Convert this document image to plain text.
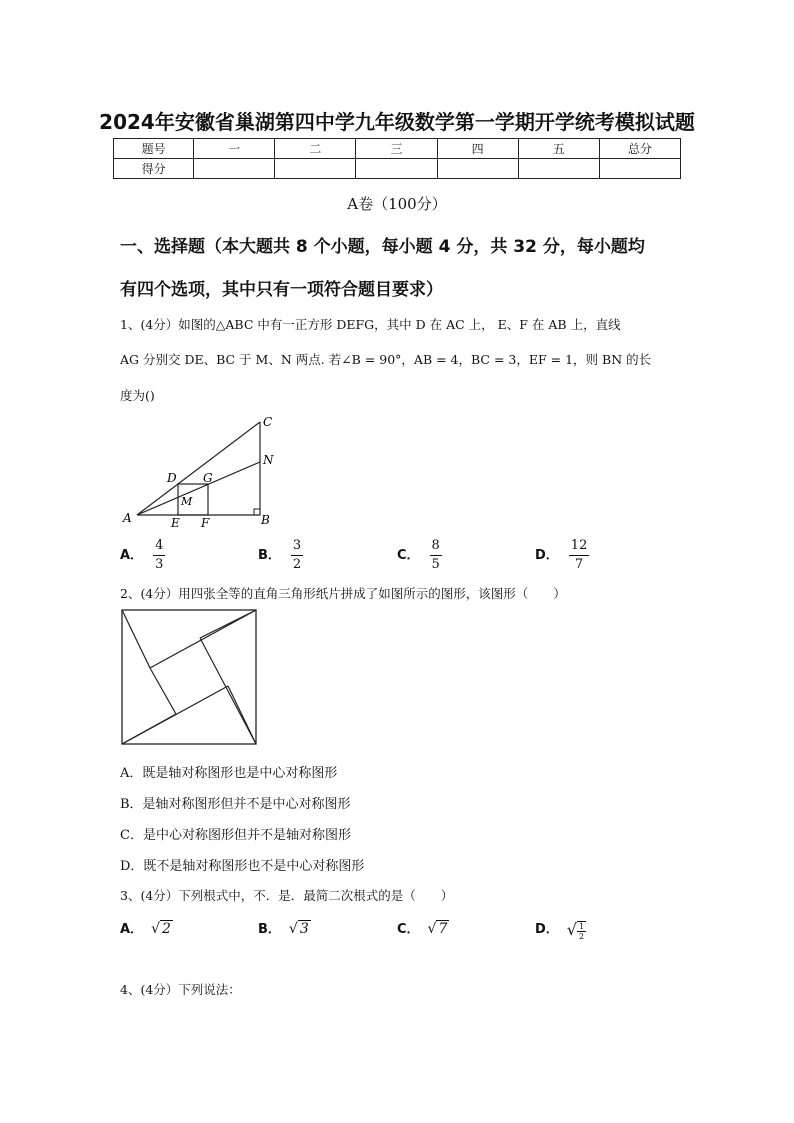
2024年安徽省巢湖第四中学九年级数学第一学期开学统考模拟试题
题号	一	二	三	四	五	总分
得分						
A卷（100分）
一、选择题（本大题共 8 个小题，每小题 4 分，共 32 分，每小题均
有四个选项，其中只有一项符合题目要求）
1、(4分）如图的△ABC 中有一正方形 DEFG，其中 D 在 AC 上， E、F 在 AB 上，直线
AG 分别交 DE、BC 于 M、N 两点. 若∠B = 90°，AB = 4，BC = 3，EF = 1，则 BN 的长
度为()
C
N
D G
M
A	E F	B
A． $\frac{4}{3}$	B． $\frac{3}{2}$	C． $\frac{8}{5}$	D． $\frac{12}{7}$
2、(4分）用四张全等的直角三角形纸片拼成了如图所示的图形，该图形（　　）
A．既是轴对称图形也是中心对称图形
B．是轴对称图形但并不是中心对称图形
C．是中心对称图形但并不是轴对称图形
D．既不是轴对称图形也不是中心对称图形
3、(4分）下列根式中，不．是．最简二次根式的是（　　）
A． √ 2	B． √ 3	C． √ 7	D． √ $\frac{1}{2}$
4、(4分）下列说法：
